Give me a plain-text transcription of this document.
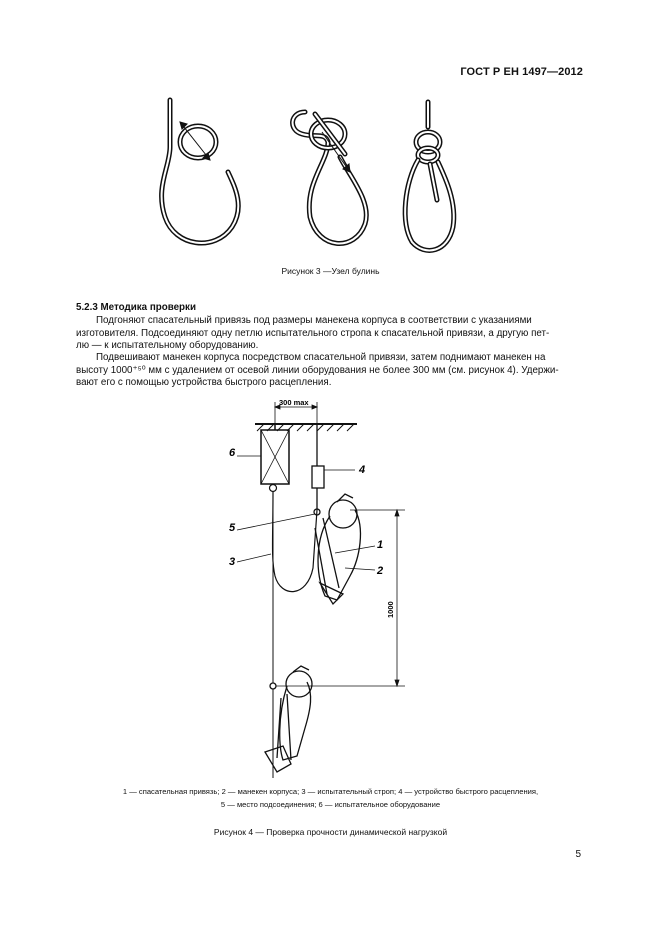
ГОСТ Р ЕН 1497—2012
Рисунок 3 —Узел булинь
5.2.3 Методика проверки
Подгоняют спасательный привязь под размеры манекена корпуса в соответствии с указаниями
изготовителя. Подсоединяют одну петлю испытательного стропа к спасательной привязи, а другую пет-
лю — к испытательному оборудованию.
Подвешивают манекен корпуса посредством спасательной привязи, затем поднимают манекен на
высоту 1000⁺⁵⁰ мм с удалением от осевой линии оборудования не более 300 мм (см. рисунок 4). Удержи-
вают его с помощью устройства быстрого расцепления.
300 max
1000
6
4
5
3
1
2
1 — спасательная привязь; 2 — манекен корпуса; 3 — испытательный строп; 4 — устройство быстрого расцепления,
5 — место подсоединения; 6 — испытательное оборудование
Рисунок 4 — Проверка прочности динамической нагрузкой
5
